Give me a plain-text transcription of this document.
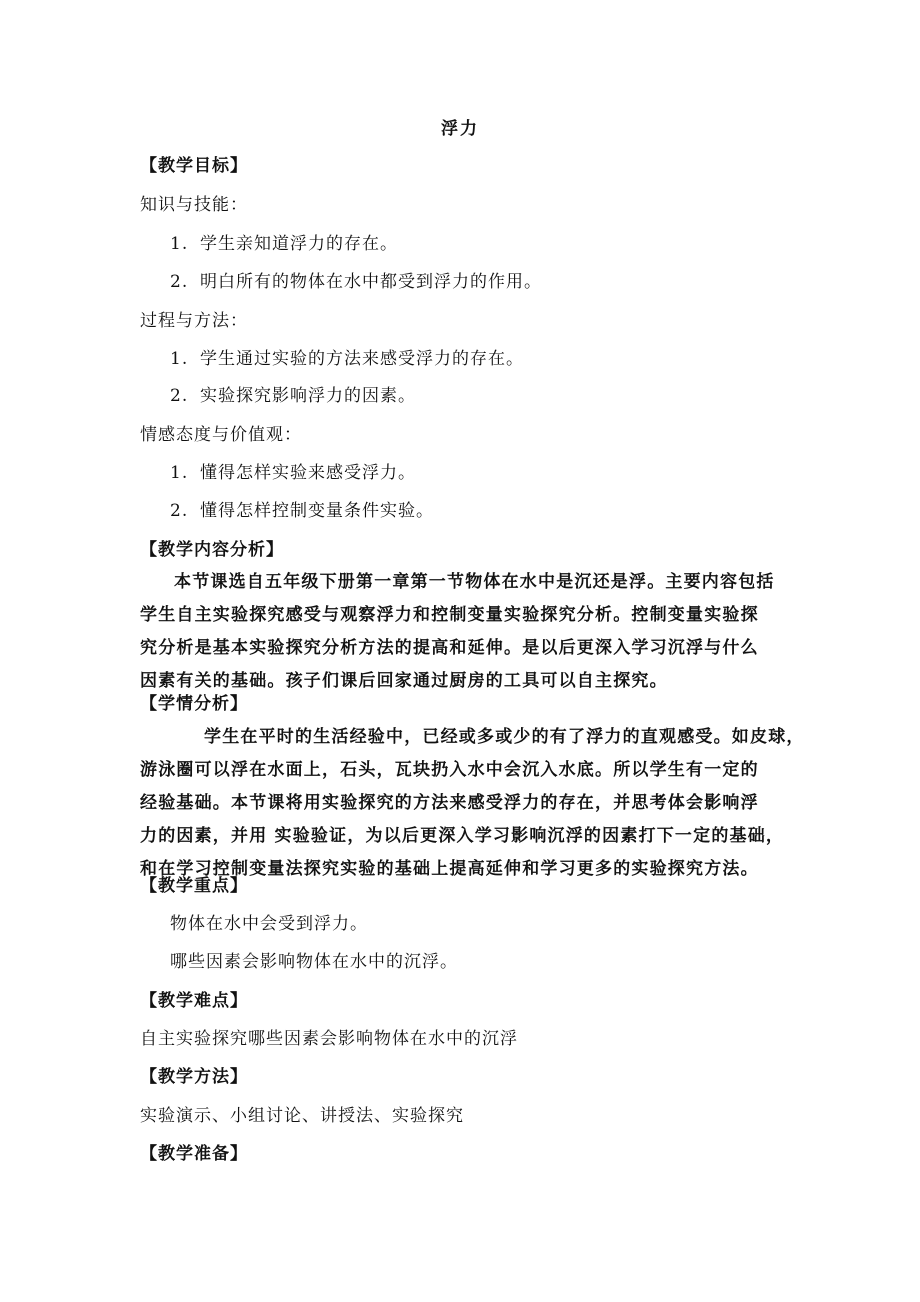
浮力
【教学目标】
知识与技能：
1. 学生亲知道浮力的存在。
2. 明白所有的物体在水中都受到浮力的作用。
过程与方法：
1. 学生通过实验的方法来感受浮力的存在。
2. 实验探究影响浮力的因素。
情感态度与价值观：
1. 懂得怎样实验来感受浮力。
2. 懂得怎样控制变量条件实验。
【教学内容分析】
本节课选自五年级下册第一章第一节物体在水中是沉还是浮。主要内容包括
学生自主实验探究感受与观察浮力和控制变量实验探究分析。控制变量实验探
究分析是基本实验探究分析方法的提高和延伸。是以后更深入学习沉浮与什么
因素有关的基础。孩子们课后回家通过厨房的工具可以自主探究。
【学情分析】
学生在平时的生活经验中，已经或多或少的有了浮力的直观感受。如皮球，
游泳圈可以浮在水面上，石头，瓦块扔入水中会沉入水底。所以学生有一定的
经验基础。本节课将用实验探究的方法来感受浮力的存在，并思考体会影响浮
力的因素，并用 实验验证，为以后更深入学习影响沉浮的因素打下一定的基础，
和在学习控制变量法探究实验的基础上提高延伸和学习更多的实验探究方法。
【教学重点】
物体在水中会受到浮力。
哪些因素会影响物体在水中的沉浮。
【教学难点】
自主实验探究哪些因素会影响物体在水中的沉浮
【教学方法】
实验演示、小组讨论、讲授法、实验探究
【教学准备】
